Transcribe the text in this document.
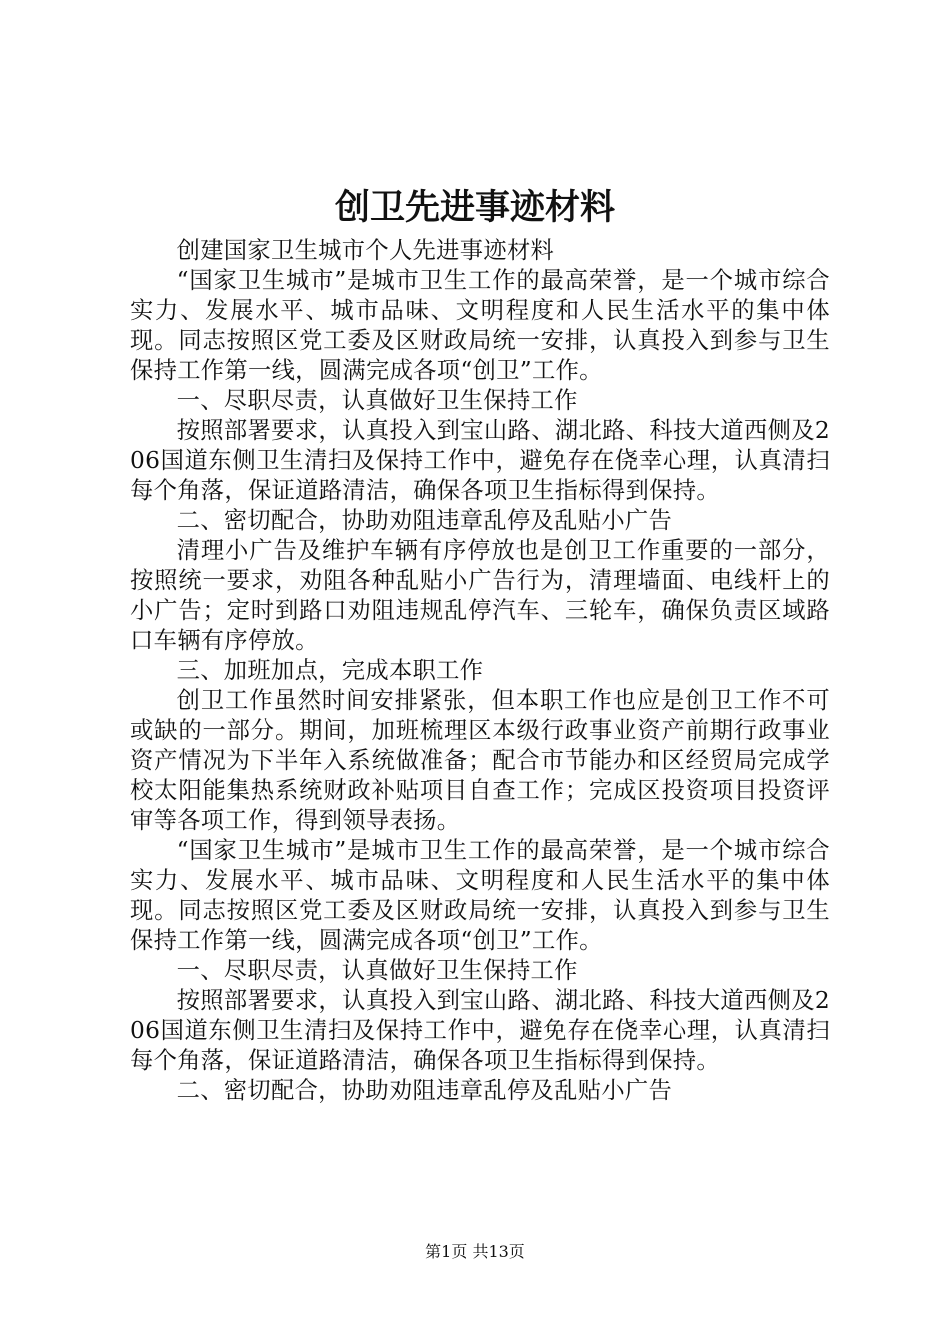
创卫先进事迹材料

创建国家卫生城市个人先进事迹材料

“国家卫生城市”是城市卫生工作的最高荣誉，是一个城市综合实力、发展水平、城市品味、文明程度和人民生活水平的集中体现。同志按照区党工委及区财政局统一安排，认真投入到参与卫生保持工作第一线，圆满完成各项“创卫”工作。

一、尽职尽责，认真做好卫生保持工作

按照部署要求，认真投入到宝山路、湖北路、科技大道西侧及206国道东侧卫生清扫及保持工作中，避免存在侥幸心理，认真清扫每个角落，保证道路清洁，确保各项卫生指标得到保持。

二、密切配合，协助劝阻违章乱停及乱贴小广告

清理小广告及维护车辆有序停放也是创卫工作重要的一部分，按照统一要求，劝阻各种乱贴小广告行为，清理墙面、电线杆上的小广告；定时到路口劝阻违规乱停汽车、三轮车，确保负责区域路口车辆有序停放。

三、加班加点，完成本职工作

创卫工作虽然时间安排紧张，但本职工作也应是创卫工作不可或缺的一部分。期间，加班梳理区本级行政事业资产前期行政事业资产情况为下半年入系统做准备；配合市节能办和区经贸局完成学校太阳能集热系统财政补贴项目自查工作；完成区投资项目投资评审等各项工作，得到领导表扬。

“国家卫生城市”是城市卫生工作的最高荣誉，是一个城市综合实力、发展水平、城市品味、文明程度和人民生活水平的集中体现。同志按照区党工委及区财政局统一安排，认真投入到参与卫生保持工作第一线，圆满完成各项“创卫”工作。

一、尽职尽责，认真做好卫生保持工作

按照部署要求，认真投入到宝山路、湖北路、科技大道西侧及206国道东侧卫生清扫及保持工作中，避免存在侥幸心理，认真清扫每个角落，保证道路清洁，确保各项卫生指标得到保持。

二、密切配合，协助劝阻违章乱停及乱贴小广告

第1页 共13页
